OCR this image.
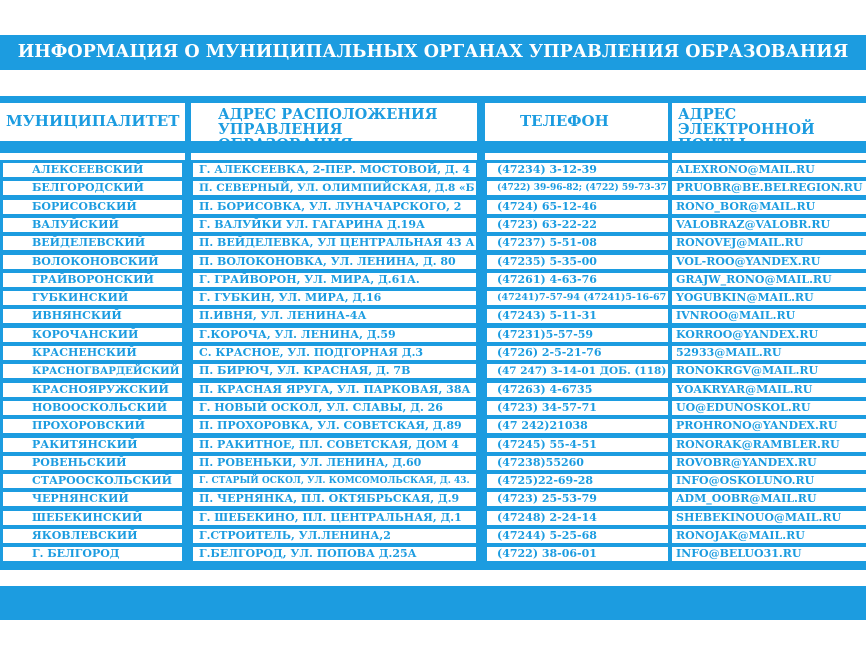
ИНФОРМАЦИЯ О МУНИЦИПАЛЬНЫХ ОРГАНАХ УПРАВЛЕНИЯ ОБРАЗОВАНИЯ
МУНИЦИПАЛИТЕТ
АЛЕКСЕЕВСКИЙ
БЕЛГОРОДСКИЙ
БОРИСОВСКИЙ
ВАЛУЙСКИЙ
ВЕЙДЕЛЕВСКИЙ
ВОЛОКОНОВСКИЙ
ГРАЙВОРОНСКИЙ
ГУБКИНСКИЙ
ИВНЯНСКИЙ
КОРОЧАНСКИЙ
КРАСНЕНСКИЙ
КРАСНОГВАРДЕЙСКИЙ
КРАСНОЯРУЖСКИЙ
НОВООСКОЛЬСКИЙ
ПРОХОРОВСКИЙ
РАКИТЯНСКИЙ
РОВЕНЬСКИЙ
СТАРООСКОЛЬСКИЙ
ЧЕРНЯНСКИЙ
ШЕБЕКИНСКИЙ
ЯКОВЛЕВСКИЙ
Г. БЕЛГОРОД
АДРЕС РАСПОЛОЖЕНИЯ
УПРАВЛЕНИЯ ОБРАЗОВАНИЯ
Г. АЛЕКСЕЕВКА, 2-ПЕР. МОСТОВОЙ, Д. 4
П. СЕВЕРНЫЙ, УЛ. ОЛИМПИЙСКАЯ, Д.8 «Б
П. БОРИСОВКА, УЛ. ЛУНАЧАРСКОГО, 2
Г. ВАЛУЙКИ УЛ. ГАГАРИНА Д.19А
П. ВЕЙДЕЛЕВКА, УЛ ЦЕНТРАЛЬНАЯ 43 А
П. ВОЛОКОНОВКА, УЛ. ЛЕНИНА, Д. 80
Г. ГРАЙВОРОН, УЛ. МИРА, Д.61А.
Г. ГУБКИН, УЛ. МИРА, Д.16
П.ИВНЯ, УЛ. ЛЕНИНА-4А
Г.КОРОЧА, УЛ. ЛЕНИНА, Д.59
С. КРАСНОЕ, УЛ. ПОДГОРНАЯ Д.3
П. БИРЮЧ, УЛ. КРАСНАЯ, Д. 7В
П. КРАСНАЯ ЯРУГА, УЛ. ПАРКОВАЯ, 38А
Г. НОВЫЙ ОСКОЛ, УЛ. СЛАВЫ, Д. 26
П. ПРОХОРОВКА, УЛ. СОВЕТСКАЯ, Д.89
П. РАКИТНОЕ, ПЛ. СОВЕТСКАЯ, ДОМ 4
П. РОВЕНЬКИ, УЛ. ЛЕНИНА, Д.60
Г. СТАРЫЙ ОСКОЛ, УЛ. КОМСОМОЛЬСКАЯ, Д. 43.
П. ЧЕРНЯНКА, ПЛ. ОКТЯБРЬСКАЯ, Д.9
Г. ШЕБЕКИНО, ПЛ. ЦЕНТРАЛЬНАЯ, Д.1
Г.СТРОИТЕЛЬ, УЛ.ЛЕНИНА,2
Г.БЕЛГОРОД, УЛ. ПОПОВА Д.25А
ТЕЛЕФОН
(47234) 3-12-39
(4722) 39-96-82; (4722) 59-73-37
(4724) 65-12-46
(4723) 63-22-22
(47237) 5-51-08
(47235) 5-35-00
(47261) 4-63-76
(47241)7-57-94 (47241)5-16-67
(47243) 5-11-31
(47231)5-57-59
(4726) 2-5-21-76
(47 247) 3-14-01 ДОБ. (118)
(47263) 4-6735
(4723) 34-57-71
(47 242)21038
(47245) 55-4-51
(47238)55260
(4725)22-69-28
(4723) 25-53-79
(47248) 2-24-14
(47244) 5-25-68
(4722) 38-06-01
АДРЕС ЭЛЕКТРОННОЙ
ПОЧТЫ
ALEXRONO@MAIL.RU
PRUOBR@BE.BELREGION.RU
RONO_BOR@MAIL.RU
VALOBRAZ@VALOBR.RU
RONOVEJ@MAIL.RU
VOL-ROO@YANDEX.RU
GRAJW_RONO@MAIL.RU
YOGUBKIN@MAIL.RU
IVNROO@MAIL.RU
KORROO@YANDEX.RU
52933@MAIL.RU
RONOKRGV@MAIL.RU
YOAKRYAR@MAIL.RU
UO@EDUNOSKOL.RU
PROHRONO@YANDEX.RU
RONORAK@RAMBLER.RU
ROVOBR@YANDEX.RU
INFO@OSKOLUNO.RU
ADM_OOBR@MAIL.RU
SHEBEKINOUO@MAIL.RU
RONOJAK@MAIL.RU
INFO@BELUO31.RU
